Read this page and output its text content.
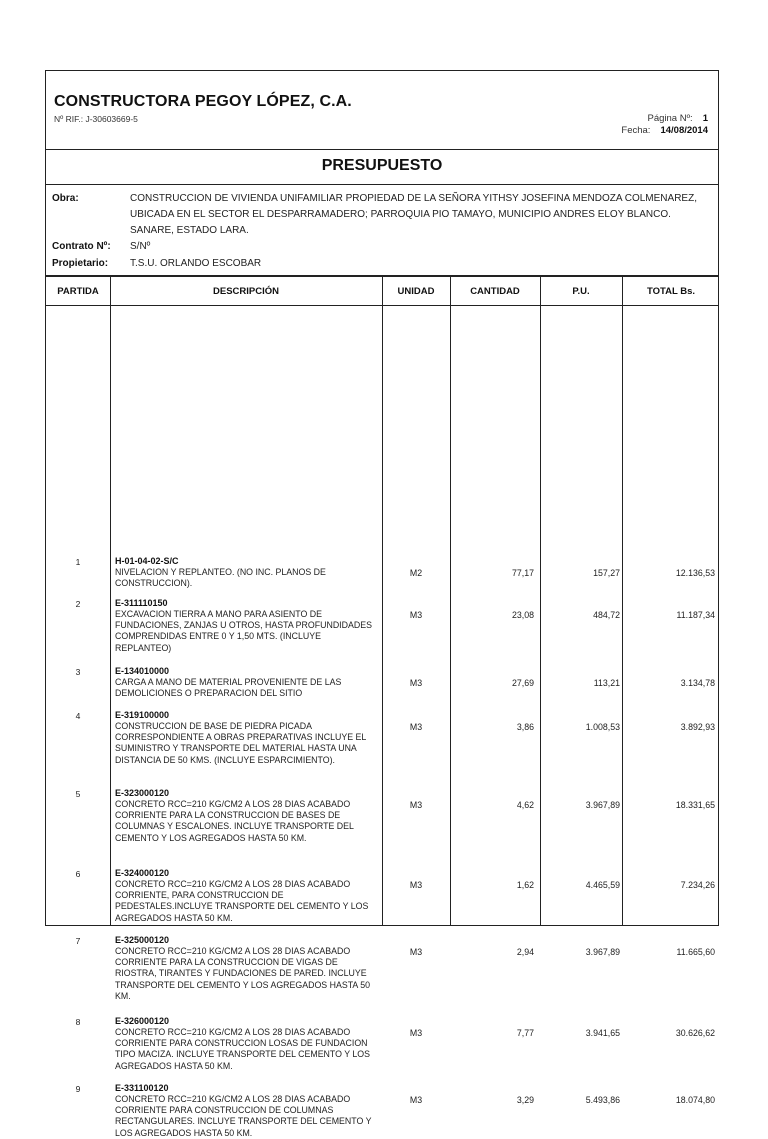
CONSTRUCTORA PEGOY LÓPEZ, C.A.
Nº RIF.: J-30603669-5	Página Nº: 1
Fecha: 14/08/2014
PRESUPUESTO
Obra:	CONSTRUCCION DE VIVIENDA UNIFAMILIAR PROPIEDAD DE LA SEÑORA YITHSY JOSEFINA MENDOZA COLMENAREZ, UBICADA EN EL SECTOR EL DESPARRAMADERO; PARROQUIA PIO TAMAYO, MUNICIPIO ANDRES ELOY BLANCO. SANARE, ESTADO LARA.
Contrato Nº: S/Nº
Propietario: T.S.U. ORLANDO ESCOBAR
PARTIDA	DESCRIPCIÓN	UNIDAD	CANTIDAD	P.U.	TOTAL Bs.
1	H-01-04-02-S/C
NIVELACION Y REPLANTEO. (NO INC. PLANOS DE CONSTRUCCION).
M2	77,17	157,27	12.136,53
2	E-311110150
EXCAVACION TIERRA A MANO PARA ASIENTO DE FUNDACIONES, ZANJAS U OTROS, HASTA PROFUNDIDADES COMPRENDIDAS ENTRE 0 Y 1,50 MTS. (INCLUYE REPLANTEO)
M3	23,08	484,72	11.187,34
3	E-134010000
CARGA A MANO DE MATERIAL PROVENIENTE DE LAS DEMOLICIONES O PREPARACION DEL SITIO
M3	27,69	113,21	3.134,78
4	E-319100000
CONSTRUCCION DE BASE DE PIEDRA PICADA CORRESPONDIENTE A OBRAS PREPARATIVAS INCLUYE EL SUMINISTRO Y TRANSPORTE DEL MATERIAL HASTA UNA DISTANCIA DE 50 KMS. (INCLUYE ESPARCIMIENTO).
M3	3,86	1.008,53	3.892,93
5	E-323000120
CONCRETO RCC=210 KG/CM2 A LOS 28 DIAS ACABADO CORRIENTE PARA LA CONSTRUCCION DE BASES DE COLUMNAS Y ESCALONES. INCLUYE TRANSPORTE DEL CEMENTO Y LOS AGREGADOS HASTA 50 KM.
M3	4,62	3.967,89	18.331,65
6	E-324000120
CONCRETO RCC=210 KG/CM2 A LOS 28 DIAS ACABADO CORRIENTE, PARA CONSTRUCCION DE PEDESTALES.INCLUYE TRANSPORTE DEL CEMENTO Y LOS AGREGADOS HASTA 50 KM.
M3	1,62	4.465,59	7.234,26
7	E-325000120
CONCRETO RCC=210 KG/CM2 A LOS 28 DIAS ACABADO CORRIENTE PARA LA CONSTRUCCION DE VIGAS DE RIOSTRA, TIRANTES Y FUNDACIONES DE PARED. INCLUYE TRANSPORTE DEL CEMENTO Y LOS AGREGADOS HASTA 50 KM.
M3	2,94	3.967,89	11.665,60
8	E-326000120
CONCRETO RCC=210 KG/CM2 A LOS 28 DIAS ACABADO CORRIENTE PARA CONSTRUCCION LOSAS DE FUNDACION TIPO MACIZA. INCLUYE TRANSPORTE DEL CEMENTO Y LOS AGREGADOS HASTA 50 KM.
M3	7,77	3.941,65	30.626,62
9	E-331100120
CONCRETO RCC=210 KG/CM2 A LOS 28 DIAS ACABADO CORRIENTE PARA CONSTRUCCION DE COLUMNAS RECTANGULARES. INCLUYE TRANSPORTE DEL CEMENTO Y LOS AGREGADOS HASTA 50 KM.
M3	3,29	5.493,86	18.074,80
